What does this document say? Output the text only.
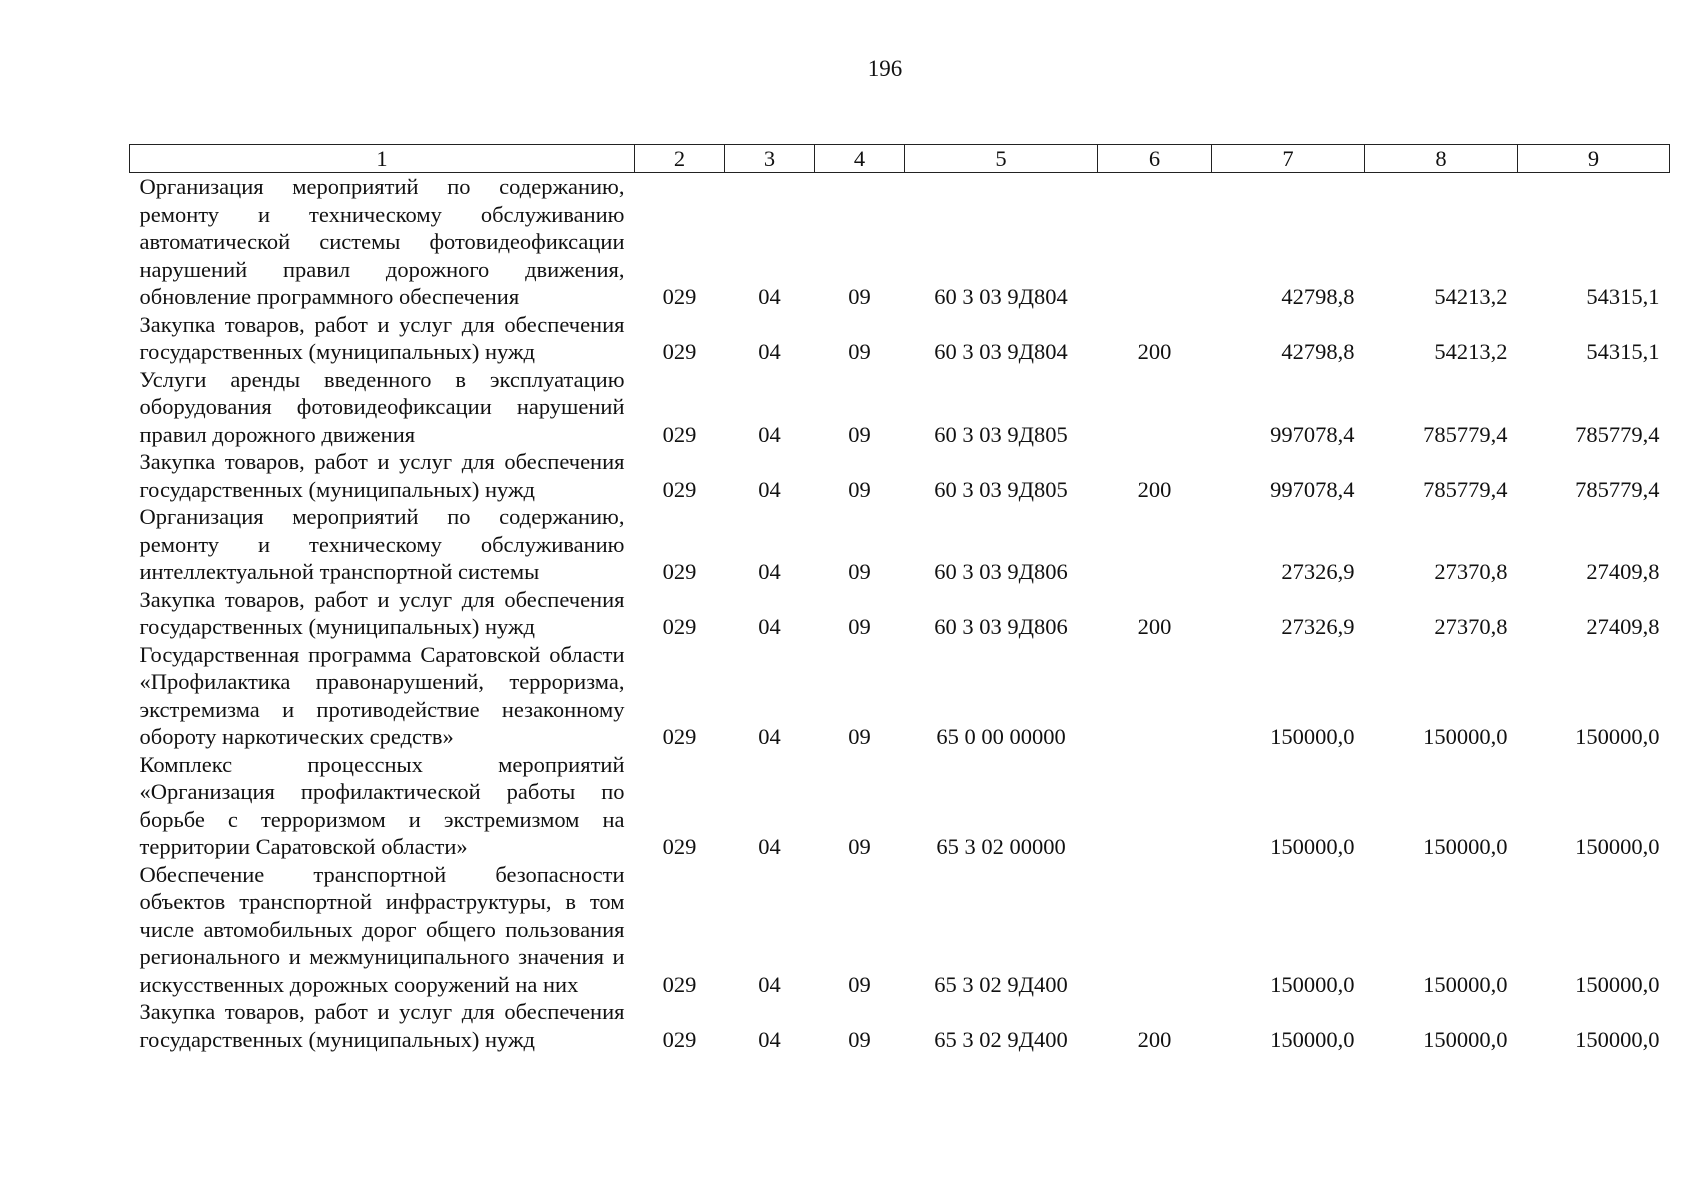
196
1	2	3	4	5	6	7	8	9
Организация мероприятий по содержанию, ремонту и техническому обслуживанию автоматической системы фотовидеофиксации нарушений правил дорожного движения, обновление программного обеспечения	029	04	09	60 3 03 9Д804		42798,8	54213,2	54315,1
Закупка товаров, работ и услуг для обеспечения государственных (муниципальных) нужд	029	04	09	60 3 03 9Д804	200	42798,8	54213,2	54315,1
Услуги аренды введенного в эксплуатацию оборудования фотовидеофиксации нарушений правил дорожного движения	029	04	09	60 3 03 9Д805		997078,4	785779,4	785779,4
Закупка товаров, работ и услуг для обеспечения государственных (муниципальных) нужд	029	04	09	60 3 03 9Д805	200	997078,4	785779,4	785779,4
Организация мероприятий по содержанию, ремонту и техническому обслуживанию интеллектуальной транспортной системы	029	04	09	60 3 03 9Д806		27326,9	27370,8	27409,8
Закупка товаров, работ и услуг для обеспечения государственных (муниципальных) нужд	029	04	09	60 3 03 9Д806	200	27326,9	27370,8	27409,8
Государственная программа Саратовской области «Профилактика правонарушений, терроризма, экстремизма и противодействие незаконному обороту наркотических средств»	029	04	09	65 0 00 00000		150000,0	150000,0	150000,0
Комплекс процессных мероприятий «Организация профилактической работы по борьбе с терроризмом и экстремизмом на территории Саратовской области»	029	04	09	65 3 02 00000		150000,0	150000,0	150000,0
Обеспечение транспортной безопасности объектов транспортной инфраструктуры, в том числе автомобильных дорог общего пользования регионального и межмуниципального значения и искусственных дорожных сооружений на них	029	04	09	65 3 02 9Д400		150000,0	150000,0	150000,0
Закупка товаров, работ и услуг для обеспечения государственных (муниципальных) нужд	029	04	09	65 3 02 9Д400	200	150000,0	150000,0	150000,0
